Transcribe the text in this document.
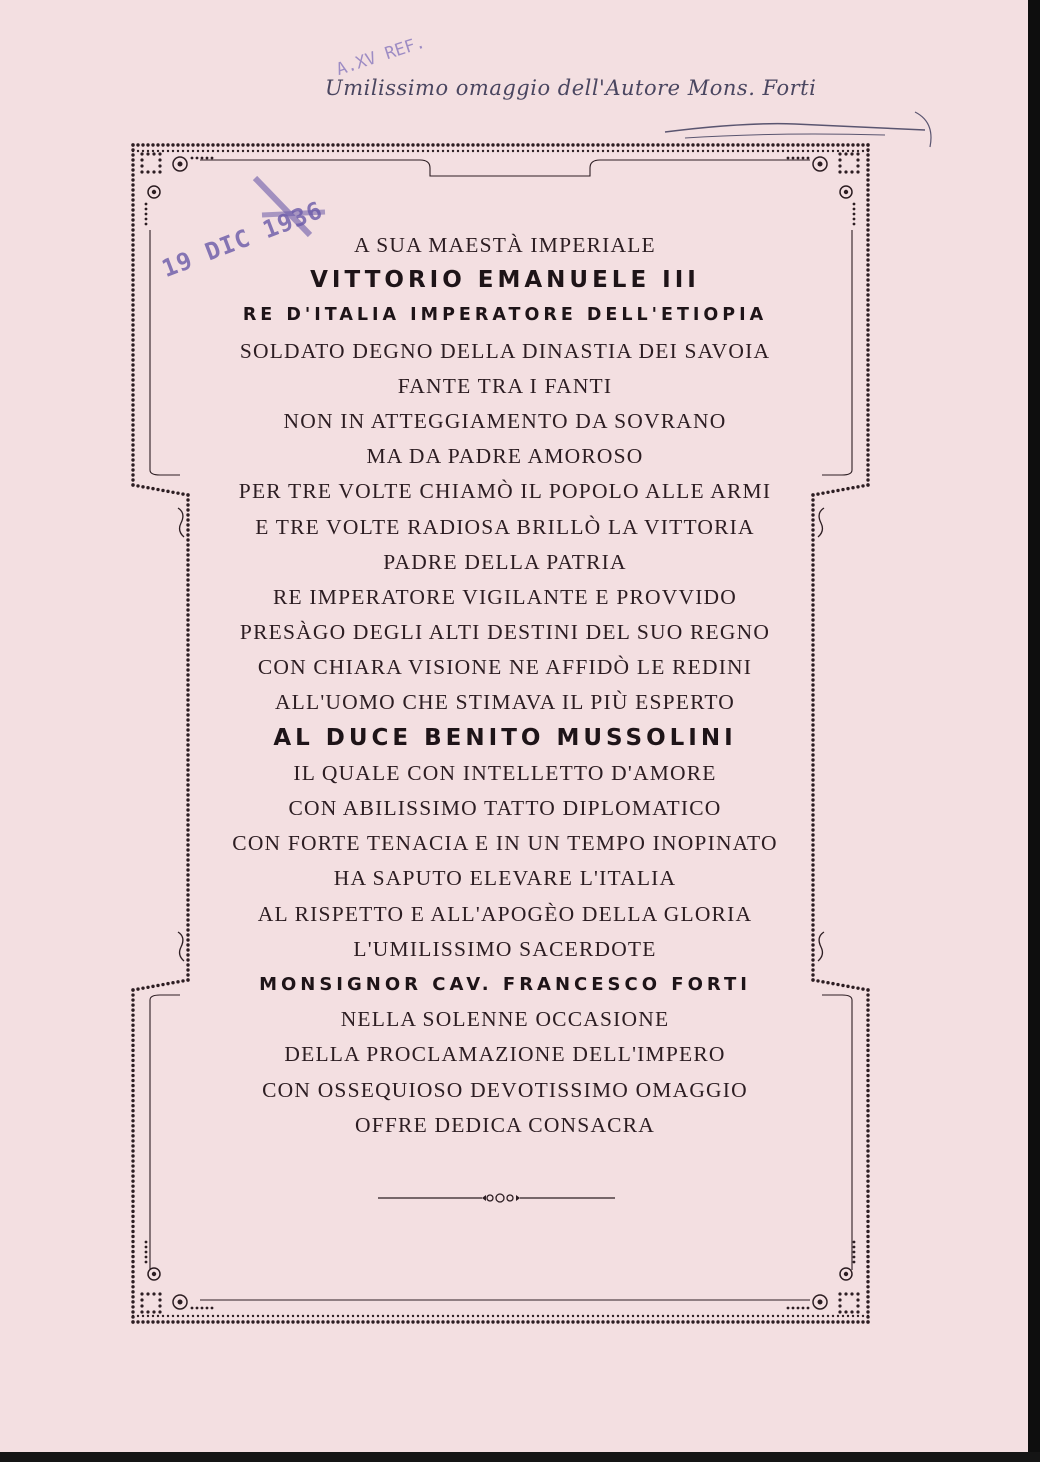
Umilissimo omaggio dell'Autore Mons. Forti
A.XV REF.
19 DIC 1936	A SUA MAESTÀ IMPERIALE
VITTORIO EMANUELE III
RE D'ITALIA IMPERATORE DELL'ETIOPIA
SOLDATO DEGNO DELLA DINASTIA DEI SAVOIA
FANTE TRA I FANTI
NON IN ATTEGGIAMENTO DA SOVRANO
MA DA PADRE AMOROSO
PER TRE VOLTE CHIAMÒ IL POPOLO ALLE ARMI
E TRE VOLTE RADIOSA BRILLÒ LA VITTORIA
PADRE DELLA PATRIA
RE IMPERATORE VIGILANTE E PROVVIDO
PRESÀGO DEGLI ALTI DESTINI DEL SUO REGNO
CON CHIARA VISIONE NE AFFIDÒ LE REDINI
ALL'UOMO CHE STIMAVA IL PIÙ ESPERTO
AL DUCE BENITO MUSSOLINI
IL QUALE CON INTELLETTO D'AMORE
CON ABILISSIMO TATTO DIPLOMATICO
CON FORTE TENACIA E IN UN TEMPO INOPINATO
HA SAPUTO ELEVARE L'ITALIA
AL RISPETTO E ALL'APOGÈO DELLA GLORIA
L'UMILISSIMO SACERDOTE
MONSIGNOR CAV. FRANCESCO FORTI
NELLA SOLENNE OCCASIONE
DELLA PROCLAMAZIONE DELL'IMPERO
CON OSSEQUIOSO DEVOTISSIMO OMAGGIO
OFFRE DEDICA CONSACRA
